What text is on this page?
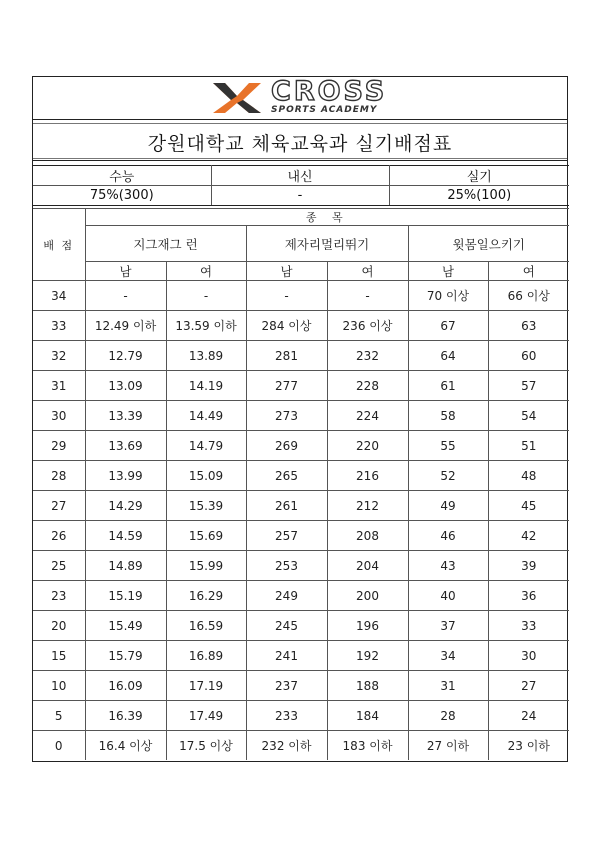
CROSS
SPORTS ACADEMY
강원대학교 체육교육과 실기배점표
수능	내신	실기
75%(300)	-	25%(100)
배 점	종 목					
	지그재그 런		제자리멀리뛰기		윗몸일으키기	
	남	여	남	여	남	여
34	-	-	-	-	70 이상	66 이상
33	12.49 이하	13.59 이하	284 이상	236 이상	67	63
32	12.79	13.89	281	232	64	60
31	13.09	14.19	277	228	61	57
30	13.39	14.49	273	224	58	54
29	13.69	14.79	269	220	55	51
28	13.99	15.09	265	216	52	48
27	14.29	15.39	261	212	49	45
26	14.59	15.69	257	208	46	42
25	14.89	15.99	253	204	43	39
23	15.19	16.29	249	200	40	36
20	15.49	16.59	245	196	37	33
15	15.79	16.89	241	192	34	30
10	16.09	17.19	237	188	31	27
5	16.39	17.49	233	184	28	24
0	16.4 이상	17.5 이상	232 이하	183 이하	27 이하	23 이하
